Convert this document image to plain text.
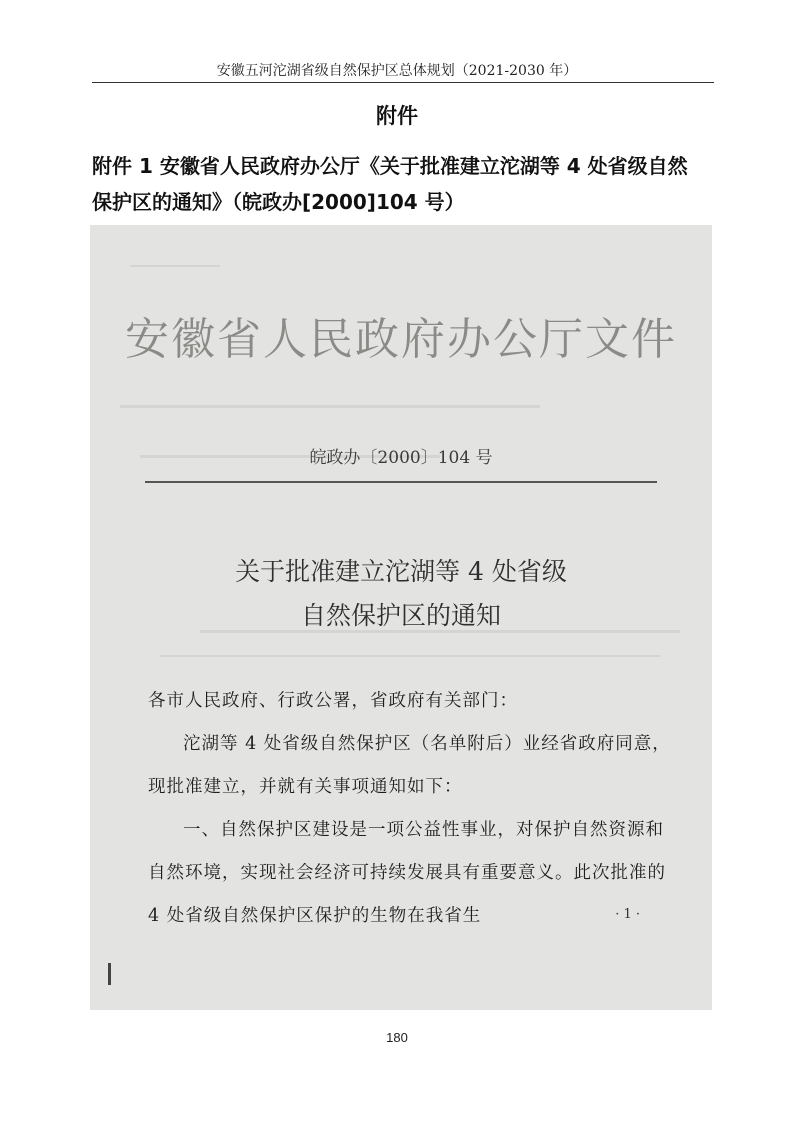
安徽五河沱湖省级自然保护区总体规划（2021-2030 年）
附件
附件 1 安徽省人民政府办公厅《关于批准建立沱湖等 4 处省级自然
保护区的通知》（皖政办[2000]104 号）
安徽省人民政府办公厅文件
皖政办〔2000〕104 号
关于批准建立沱湖等 4 处省级
自然保护区的通知

各市人民政府、行政公署，省政府有关部门：

沱湖等 4 处省级自然保护区（名单附后）业经省政府同意，现批准建立，并就有关事项通知如下：

一、自然保护区建设是一项公益性事业，对保护自然资源和自然环境，实现社会经济可持续发展具有重要意义。此次批准的 4 处省级自然保护区保护的生物在我省生	· 1 ·
180
